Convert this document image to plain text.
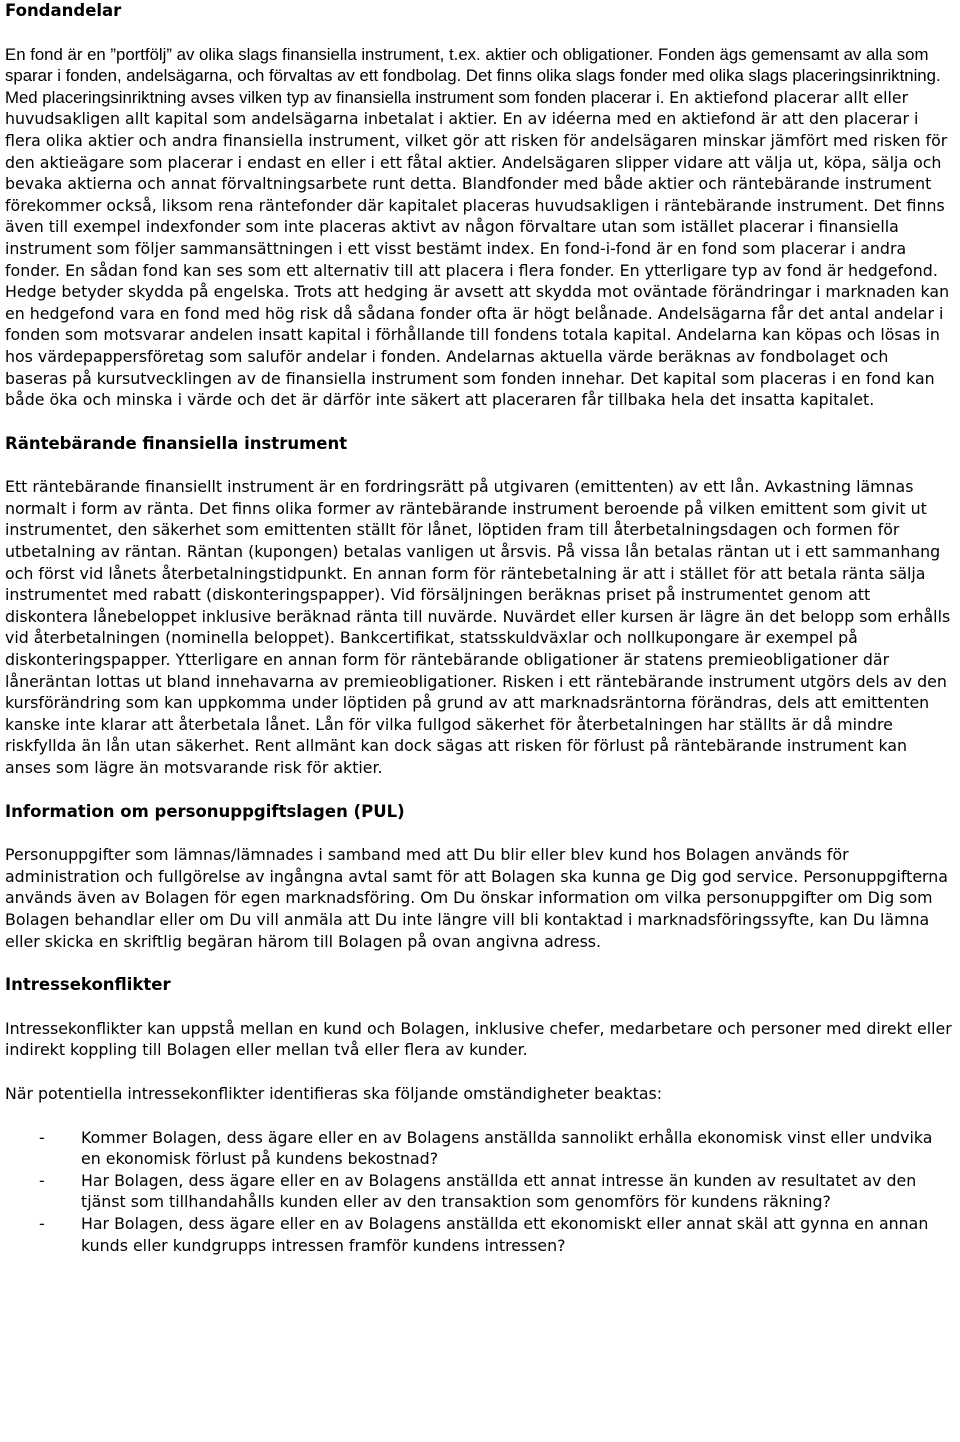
Fondandelar

En fond är en ”portfölj” av olika slags finansiella instrument, t.ex. aktier och obligationer. Fonden ägs gemensamt av alla som sparar i fonden, andelsägarna, och förvaltas av ett fondbolag. Det finns olika slags fonder med olika slags placeringsinriktning. Med placeringsinriktning avses vilken typ av finansiella instrument som fonden placerar i. En aktiefond placerar allt eller huvudsakligen allt kapital som andelsägarna inbetalat i aktier. En av idéerna med en aktiefond är att den placerar i flera olika aktier och andra finansiella instrument, vilket gör att risken för andelsägaren minskar jämfört med risken för den aktieägare som placerar i endast en eller i ett fåtal aktier. Andelsägaren slipper vidare att välja ut, köpa, sälja och bevaka aktierna och annat förvaltningsarbete runt detta. Blandfonder med både aktier och räntebärande instrument förekommer också, liksom rena räntefonder där kapitalet placeras huvudsakligen i räntebärande instrument. Det finns även till exempel indexfonder som inte placeras aktivt av någon förvaltare utan som istället placerar i finansiella instrument som följer sammansättningen i ett visst bestämt index. En fond-i-fond är en fond som placerar i andra fonder. En sådan fond kan ses som ett alternativ till att placera i flera fonder. En ytterligare typ av fond är hedgefond. Hedge betyder skydda på engelska. Trots att hedging är avsett att skydda mot oväntade förändringar i marknaden kan en hedgefond vara en fond med hög risk då sådana fonder ofta är högt belånade. Andelsägarna får det antal andelar i fonden som motsvarar andelen insatt kapital i förhållande till fondens totala kapital. Andelarna kan köpas och lösas in hos värdepappersföretag som saluför andelar i fonden. Andelarnas aktuella värde beräknas av fondbolaget och baseras på kursutvecklingen av de finansiella instrument som fonden innehar. Det kapital som placeras i en fond kan både öka och minska i värde och det är därför inte säkert att placeraren får tillbaka hela det insatta kapitalet.

Räntebärande finansiella instrument

Ett räntebärande finansiellt instrument är en fordringsrätt på utgivaren (emittenten) av ett lån. Avkastning lämnas normalt i form av ränta. Det finns olika former av räntebärande instrument beroende på vilken emittent som givit ut instrumentet, den säkerhet som emittenten ställt för lånet, löptiden fram till återbetalningsdagen och formen för utbetalning av räntan. Räntan (kupongen) betalas vanligen ut årsvis. På vissa lån betalas räntan ut i ett sammanhang och först vid lånets återbetalningstidpunkt. En annan form för räntebetalning är att i stället för att betala ränta sälja instrumentet med rabatt (diskonteringspapper). Vid försäljningen beräknas priset på instrumentet genom att diskontera lånebeloppet inklusive beräknad ränta till nuvärde. Nuvärdet eller kursen är lägre än det belopp som erhålls vid återbetalningen (nominella beloppet). Bankcertifikat, statsskuldväxlar och nollkupongare är exempel på diskonteringspapper. Ytterligare en annan form för räntebärande obligationer är statens premieobligationer där låneräntan lottas ut bland innehavarna av premieobligationer. Risken i ett räntebärande instrument utgörs dels av den kursförändring som kan uppkomma under löptiden på grund av att marknadsräntorna förändras, dels att emittenten kanske inte klarar att återbetala lånet. Lån för vilka fullgod säkerhet för återbetalningen har ställts är då mindre riskfyllda än lån utan säkerhet. Rent allmänt kan dock sägas att risken för förlust på räntebärande instrument kan anses som lägre än motsvarande risk för aktier.

Information om personuppgiftslagen (PUL)

Personuppgifter som lämnas/lämnades i samband med att Du blir eller blev kund hos Bolagen används för administration och fullgörelse av ingångna avtal samt för att Bolagen ska kunna ge Dig god service. Personuppgifterna används även av Bolagen för egen marknadsföring. Om Du önskar information om vilka personuppgifter om Dig som Bolagen behandlar eller om Du vill anmäla att Du inte längre vill bli kontaktad i marknadsföringssyfte, kan Du lämna eller skicka en skriftlig begäran härom till Bolagen på ovan angivna adress.

Intressekonflikter

Intressekonflikter kan uppstå mellan en kund och Bolagen, inklusive chefer, medarbetare och personer med direkt eller indirekt koppling till Bolagen eller mellan två eller flera av kunder.

När potentiella intressekonflikter identifieras ska följande omständigheter beaktas:

- Kommer Bolagen, dess ägare eller en av Bolagens anställda sannolikt erhålla ekonomisk vinst eller undvika en ekonomisk förlust på kundens bekostnad?
- Har Bolagen, dess ägare eller en av Bolagens anställda ett annat intresse än kunden av resultatet av den tjänst som tillhandahålls kunden eller av den transaktion som genomförs för kundens räkning?
- Har Bolagen, dess ägare eller en av Bolagens anställda ett ekonomiskt eller annat skäl att gynna en annan kunds eller kundgrupps intressen framför kundens intressen?
